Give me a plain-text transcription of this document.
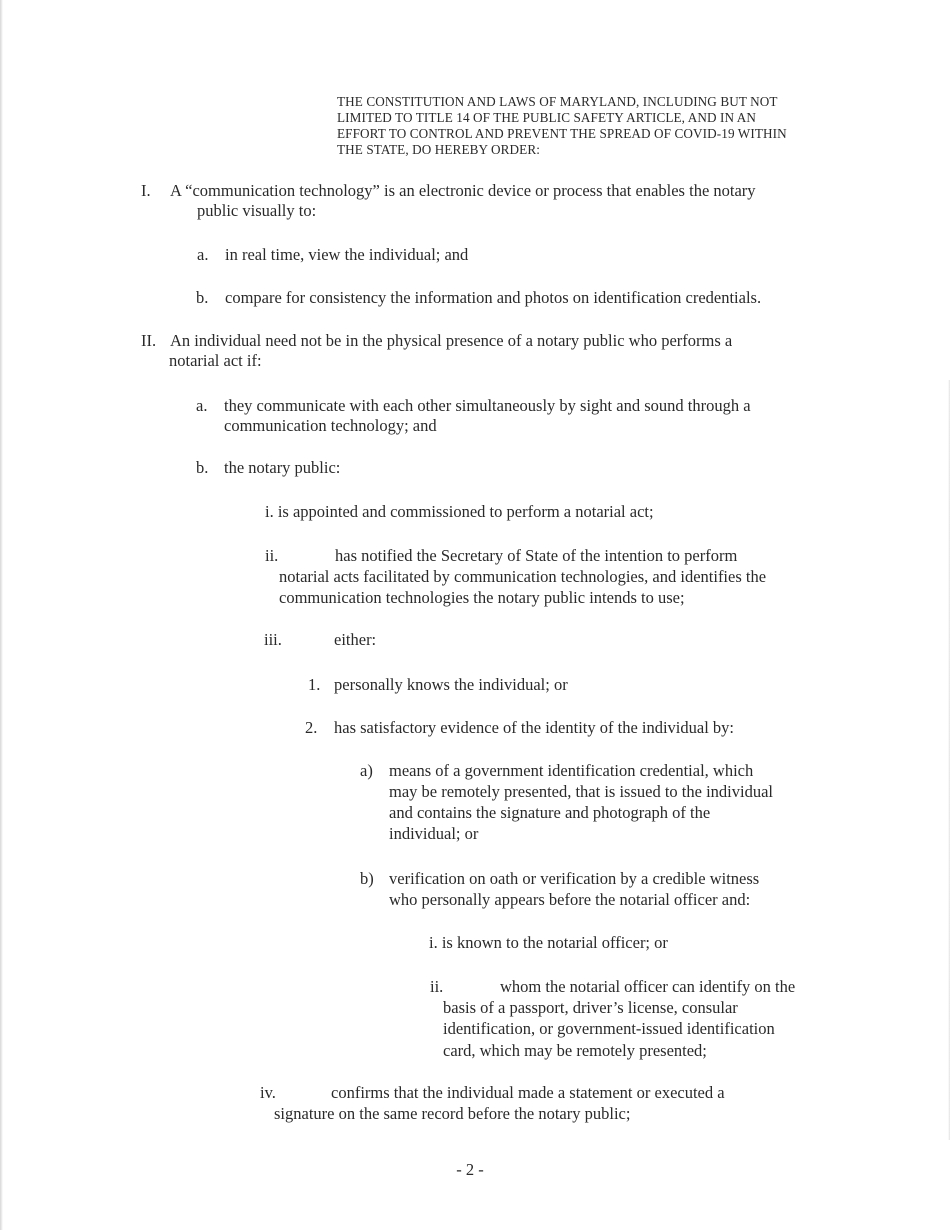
THE CONSTITUTION AND LAWS OF MARYLAND, INCLUDING BUT NOT
LIMITED TO TITLE 14 OF THE PUBLIC SAFETY ARTICLE, AND IN AN
EFFORT TO CONTROL AND PREVENT THE SPREAD OF COVID-19 WITHIN
THE STATE, DO HEREBY ORDER:
I. A “communication technology” is an electronic device or process that enables the notary
public visually to:
a. in real time, view the individual; and
b. compare for consistency the information and photos on identification credentials.
II. An individual need not be in the physical presence of a notary public who performs a
notarial act if:
a. they communicate with each other simultaneously by sight and sound through a
communication technology; and
b. the notary public:
i. is appointed and commissioned to perform a notarial act;
ii.	has notified the Secretary of State of the intention to perform
notarial acts facilitated by communication technologies, and identifies the
communication technologies the notary public intends to use;
iii.	either:
1. personally knows the individual; or
2. has satisfactory evidence of the identity of the individual by:
a) means of a government identification credential, which
may be remotely presented, that is issued to the individual
and contains the signature and photograph of the
individual; or
b) verification on oath or verification by a credible witness
who personally appears before the notarial officer and:
i. is known to the notarial officer; or
ii.	whom the notarial officer can identify on the
basis of a passport, driver’s license, consular
identification, or government-issued identification
card, which may be remotely presented;
iv.	confirms that the individual made a statement or executed a
signature on the same record before the notary public;
- 2 -
